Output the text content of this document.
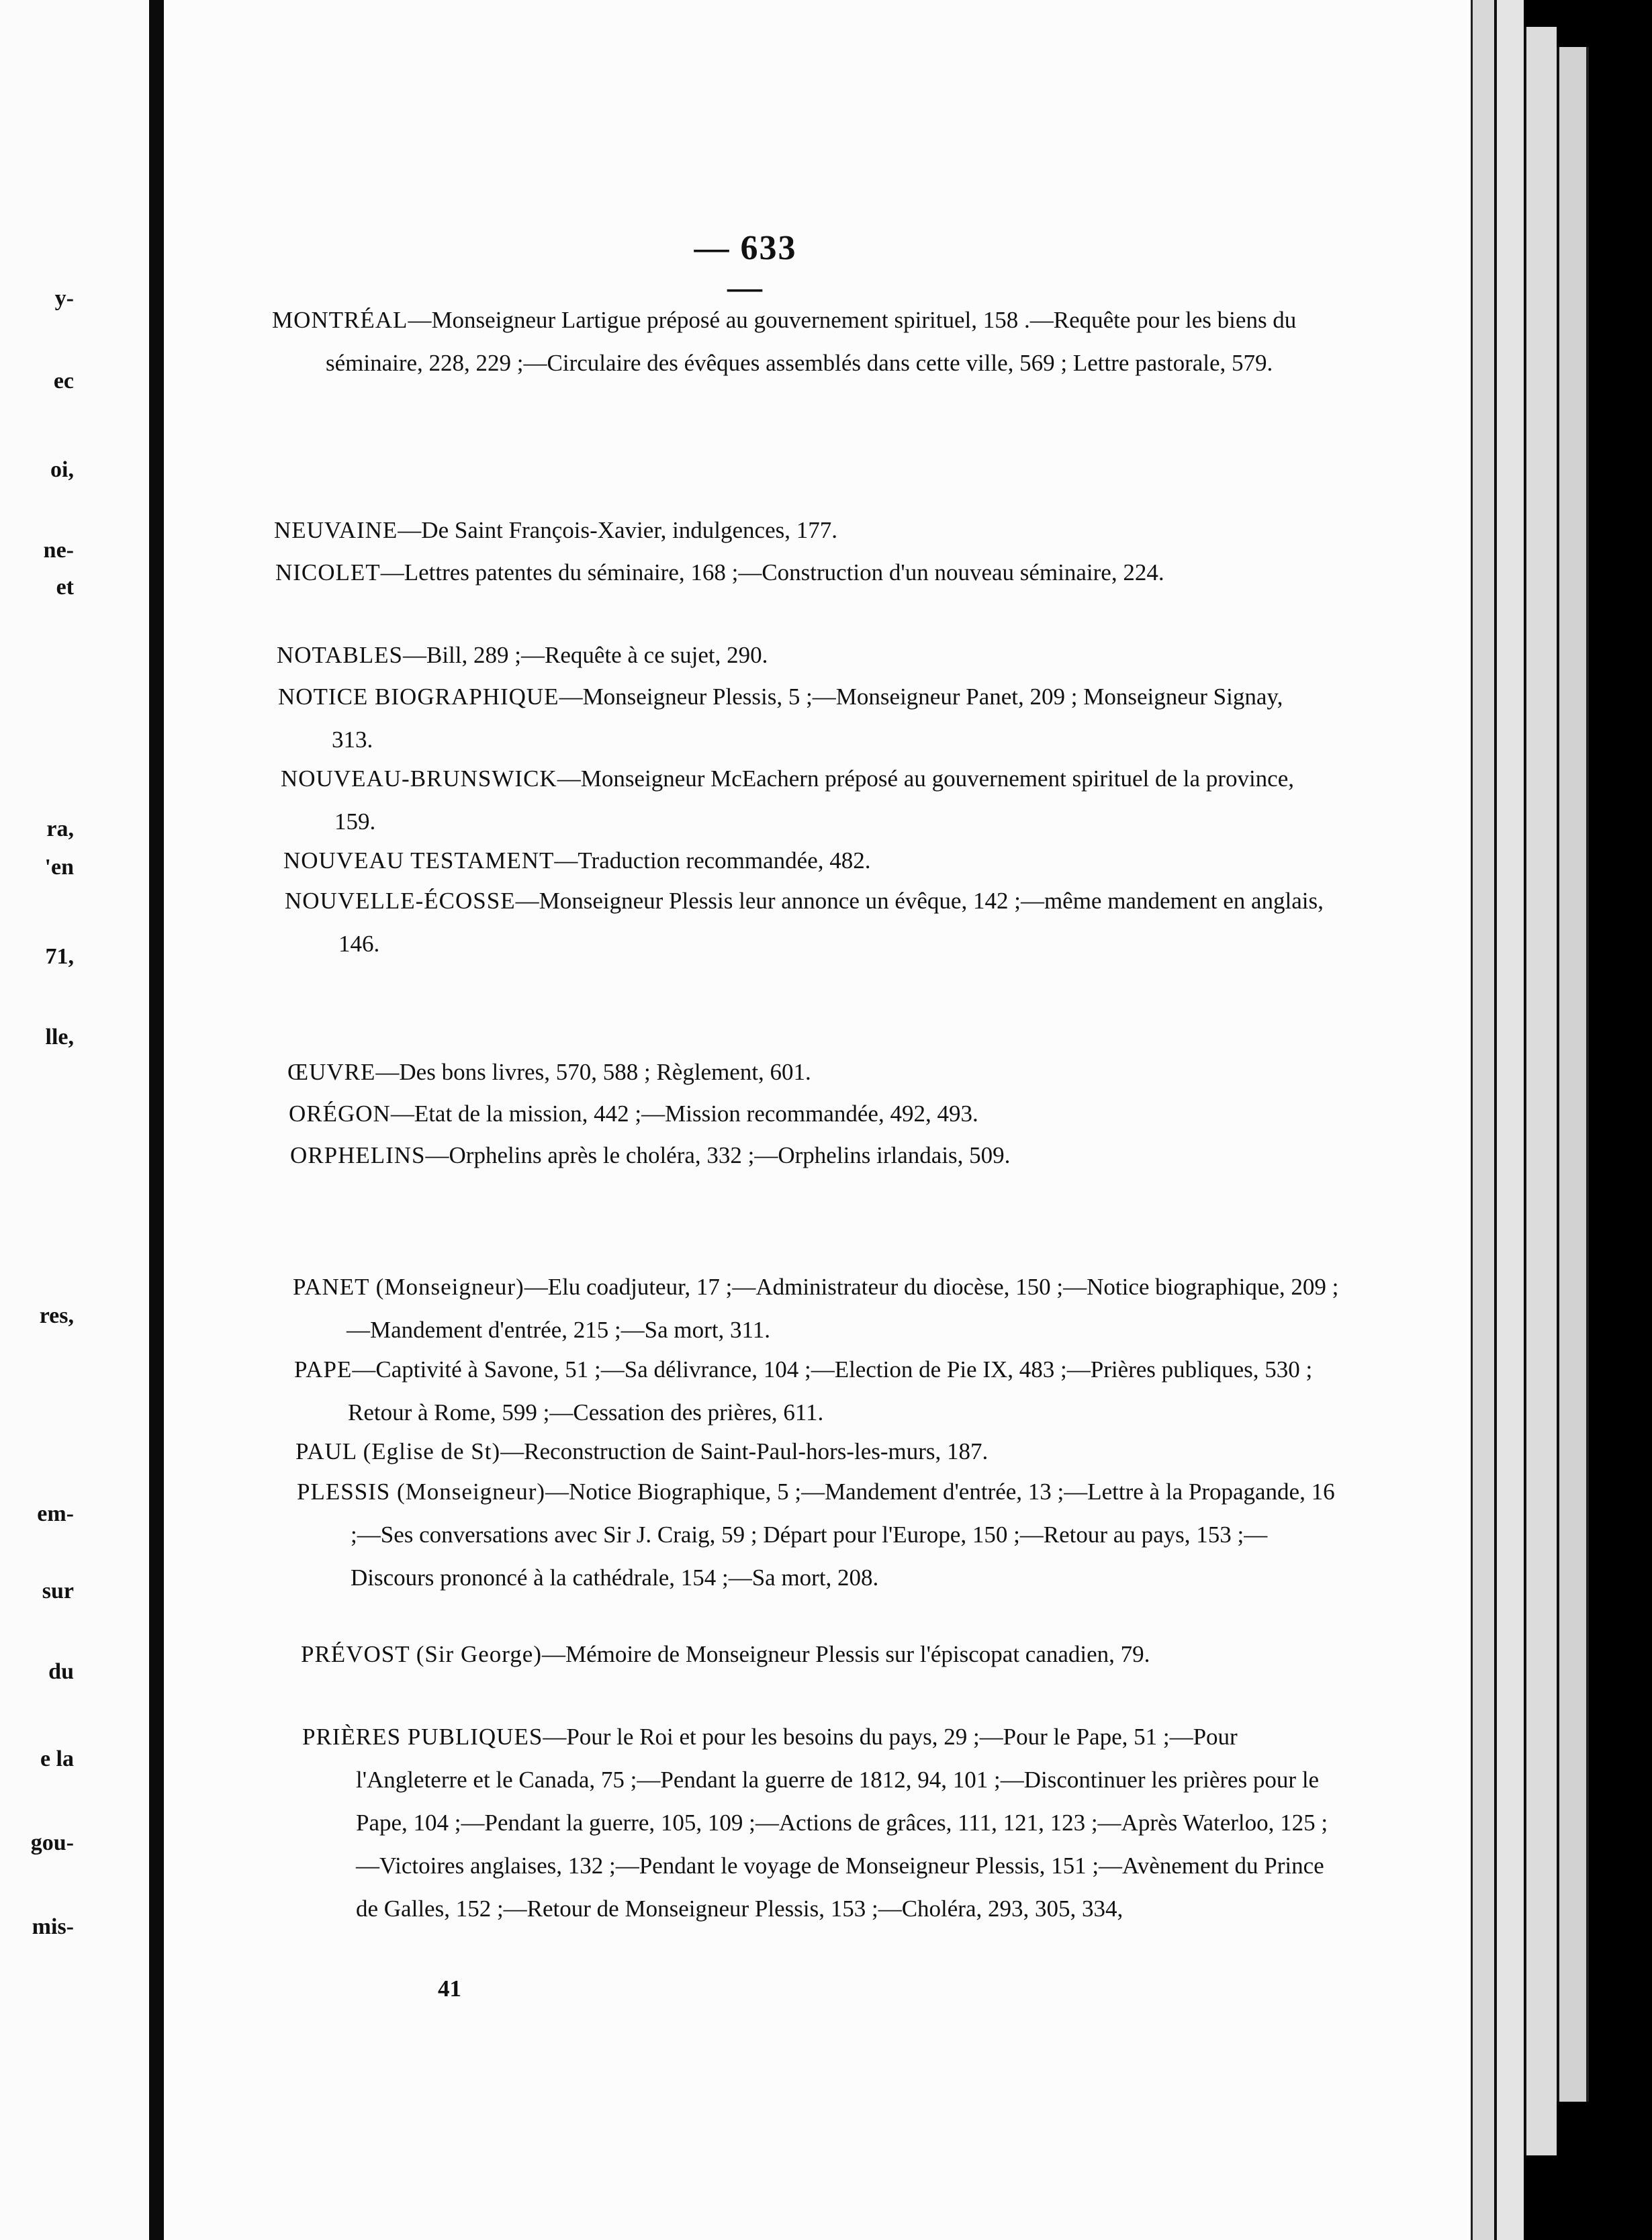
y-
ec
oi,
ne-
et
ra,
'en
71,
lle,
res,
em-
sur
du
e la
gou-
mis-
— 633 —

MONTRÉAL—Monseigneur Lartigue préposé au gouvernement spirituel, 158 .—Requête pour les biens du séminaire, 228, 229 ;—Circulaire des évêques assemblés dans cette ville, 569 ; Lettre pastorale, 579.

NEUVAINE—De Saint François-Xavier, indulgences, 177.

NICOLET—Lettres patentes du séminaire, 168 ;—Construction d'un nouveau séminaire, 224.

NOTABLES—Bill, 289 ;—Requête à ce sujet, 290.

NOTICE BIOGRAPHIQUE—Monseigneur Plessis, 5 ;—Monseigneur Panet, 209 ; Monseigneur Signay, 313.

NOUVEAU-BRUNSWICK—Monseigneur McEachern préposé au gouvernement spirituel de la province, 159.

NOUVEAU TESTAMENT—Traduction recommandée, 482.

NOUVELLE-ÉCOSSE—Monseigneur Plessis leur annonce un évêque, 142 ;—même mandement en anglais, 146.

ŒUVRE—Des bons livres, 570, 588 ; Règlement, 601.

ORÉGON—Etat de la mission, 442 ;—Mission recommandée, 492, 493.

ORPHELINS—Orphelins après le choléra, 332 ;—Orphelins irlandais, 509.

PANET (Monseigneur)—Elu coadjuteur, 17 ;—Administrateur du diocèse, 150 ;—Notice biographique, 209 ;—Mandement d'entrée, 215 ;—Sa mort, 311.

PAPE—Captivité à Savone, 51 ;—Sa délivrance, 104 ;—Election de Pie IX, 483 ;—Prières publiques, 530 ; Retour à Rome, 599 ;—Cessation des prières, 611.

PAUL (Eglise de St)—Reconstruction de Saint-Paul-hors-les-murs, 187.

PLESSIS (Monseigneur)—Notice Biographique, 5 ;—Mandement d'entrée, 13 ;—Lettre à la Propagande, 16 ;—Ses conversations avec Sir J. Craig, 59 ; Départ pour l'Europe, 150 ;—Retour au pays, 153 ;—Discours prononcé à la cathédrale, 154 ;—Sa mort, 208.

PRÉVOST (Sir George)—Mémoire de Monseigneur Plessis sur l'épiscopat canadien, 79.

PRIÈRES PUBLIQUES—Pour le Roi et pour les besoins du pays, 29 ;—Pour le Pape, 51 ;—Pour l'Angleterre et le Canada, 75 ;—Pendant la guerre de 1812, 94, 101 ;—Discontinuer les prières pour le Pape, 104 ;—Pendant la guerre, 105, 109 ;—Actions de grâces, 111, 121, 123 ;—Après Waterloo, 125 ;—Victoires anglaises, 132 ;—Pendant le voyage de Monseigneur Plessis, 151 ;—Avènement du Prince de Galles, 152 ;—Retour de Monseigneur Plessis, 153 ;—Choléra, 293, 305, 334,

41
